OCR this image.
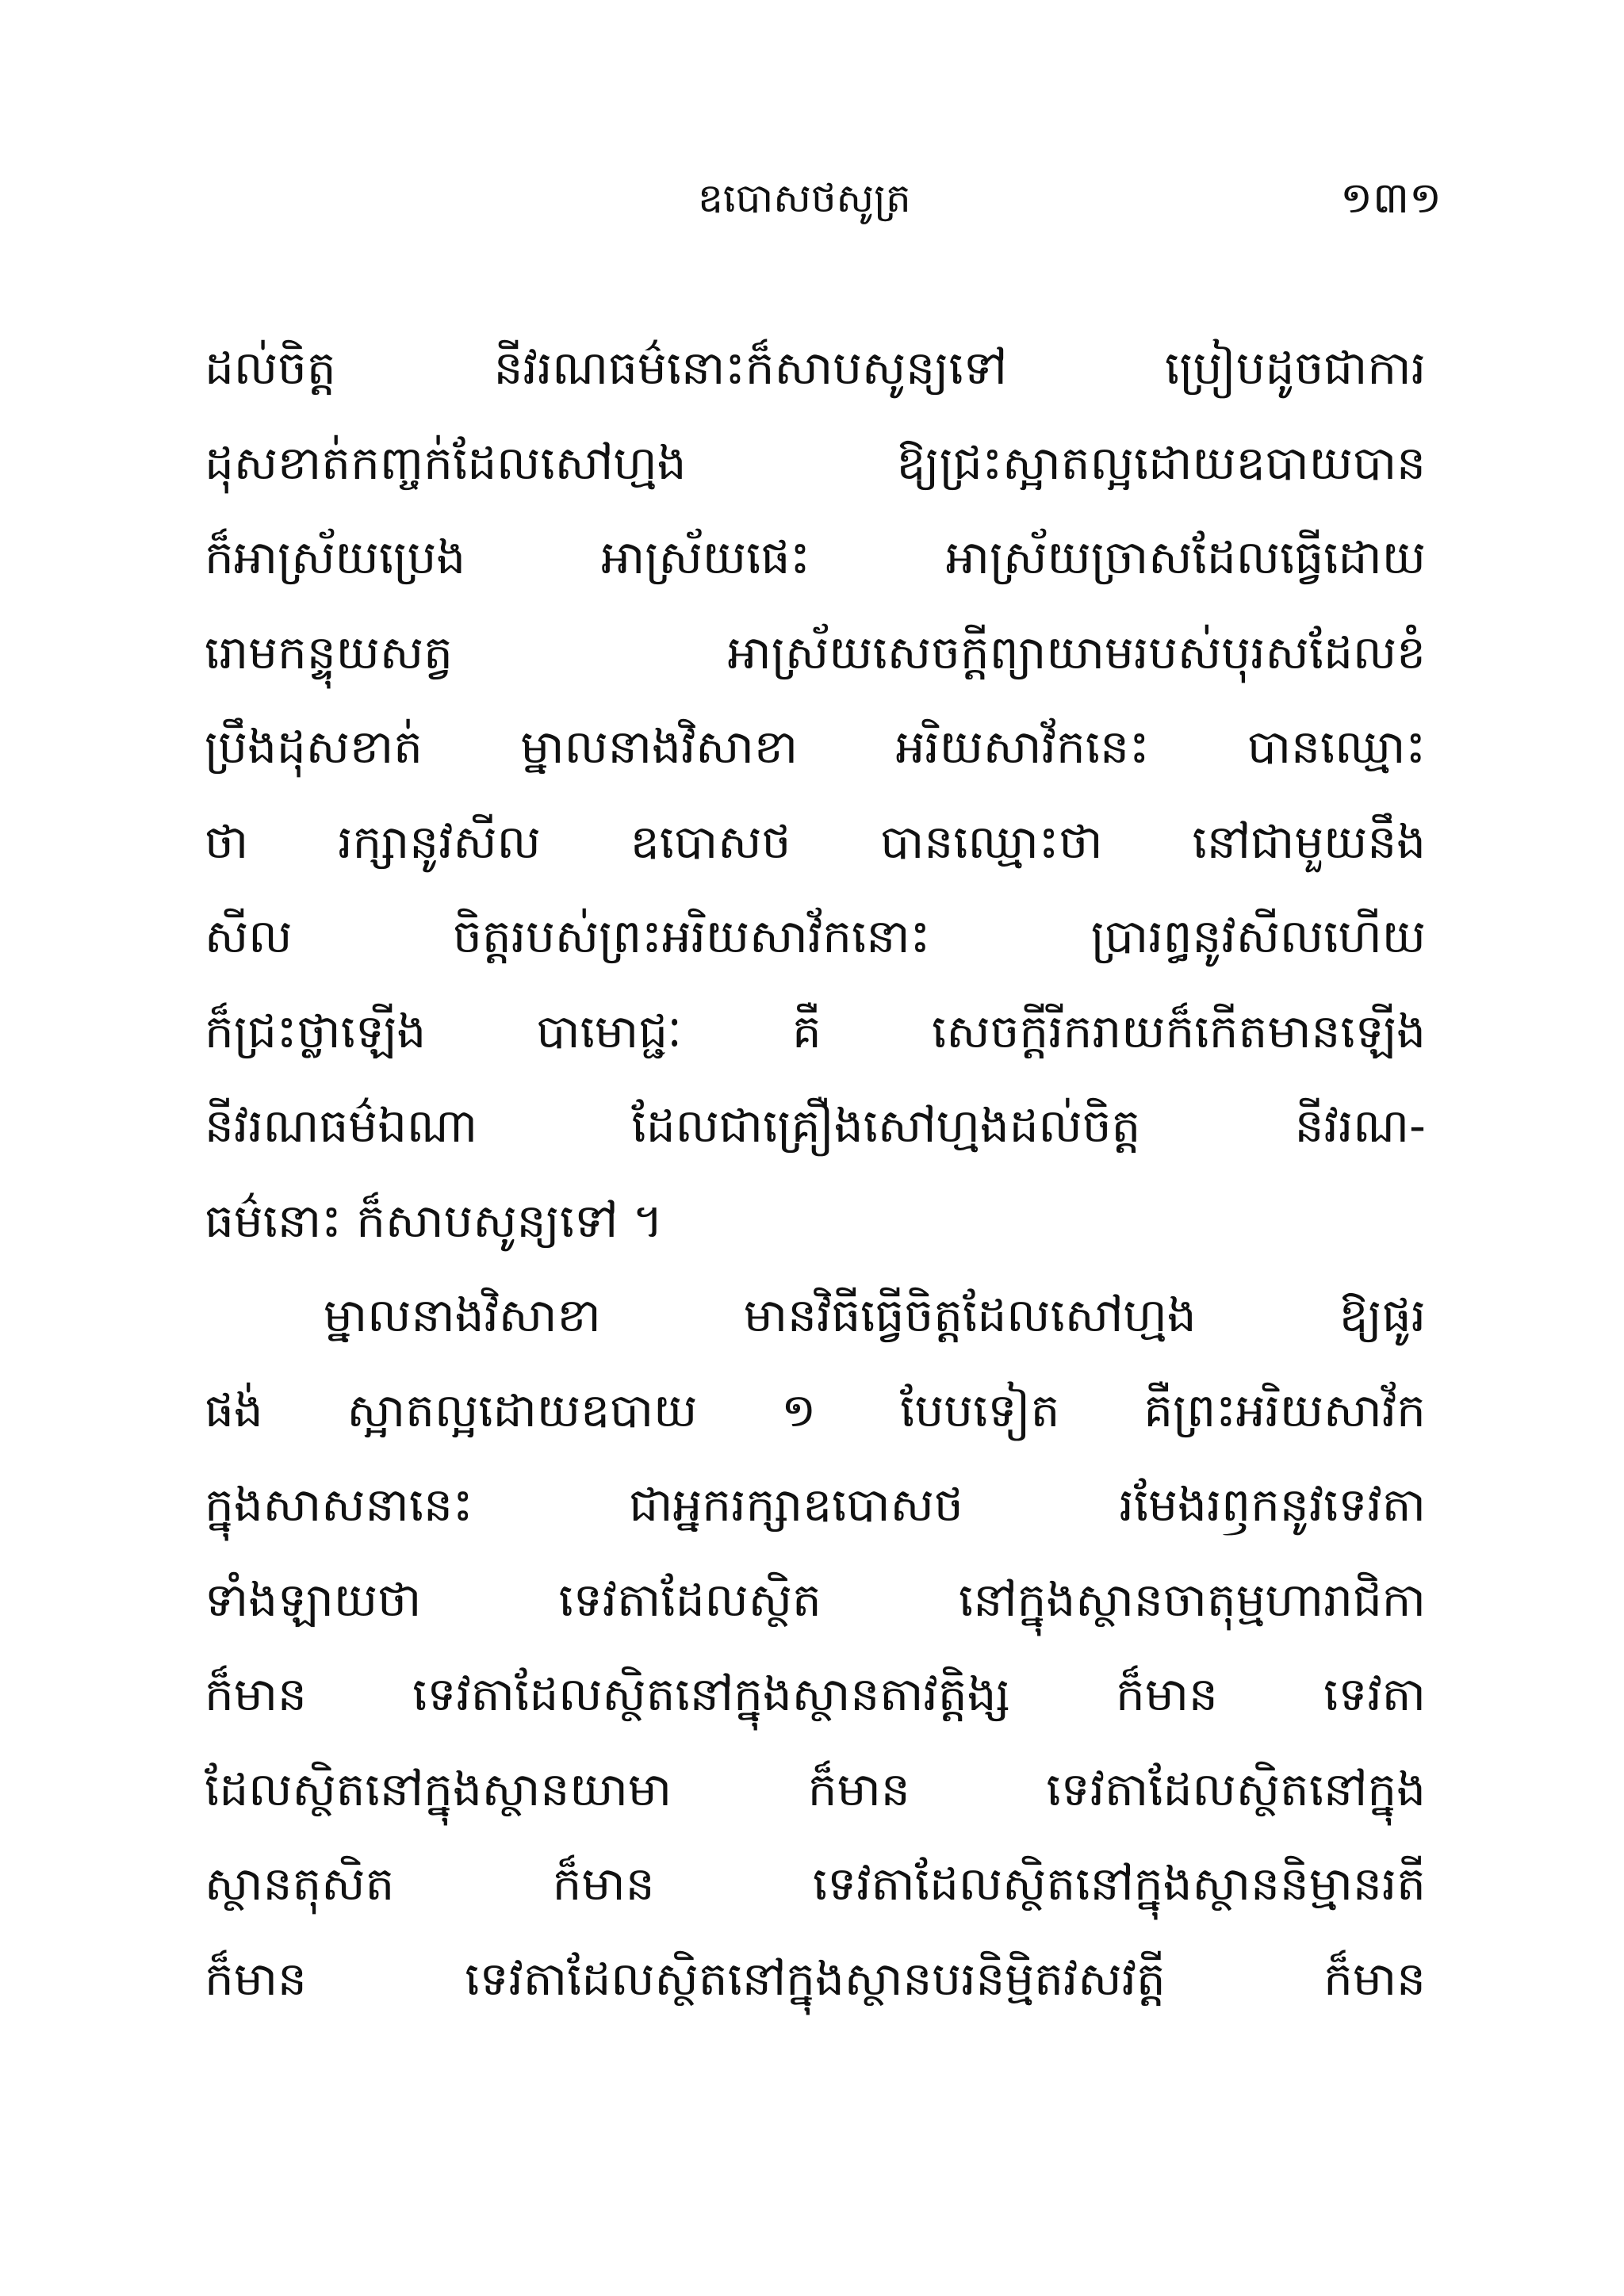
ឧបោសថសូត្រ	១៣១
ដល់ចិត្ត នីវរណធម៌នោះក៏សាបសូន្យទៅ ប្រៀបដូចជាការ
ដុសខាត់កញ្ចក់ដែលសៅហ្មង ឱ្យជ្រះស្អាតល្អដោយឧបាយបាន
ក៏អាស្រ័យប្រេង អាស្រ័យផេះ អាស្រ័យច្រាសដែលធ្វើដោយ
រោមកន្ទុយសត្វ អាស្រ័យសេចក្តីព្យាយាមរបស់បុរសដែលខំ
ប្រឹងដុសខាត់ ម្នាលនាងវិសាខា អរិយសាវ័កនេះ បានឈ្មោះ
ថា រក្សានូវសីល ឧបោសថ បានឈ្មោះថា នៅជាមួយនឹង
សីល ចិត្តរបស់ព្រះអរិយសាវ័កនោះ ប្រារព្ធនូវសីលហើយ
ក៏ជ្រះថ្លាឡើង បាមោជ្ជៈ គឺ សេចក្តីរីករាយក៏កើតមានឡើង
នីវរណធម៌ឯណា ដែលជាគ្រឿងសៅហ្មងដល់ចិត្ត នីវរណ-
ធម៌នោះ ក៏សាបសូន្យទៅ ។
ម្នាលនាងវិសាខា មានវិធីធ្វើចិត្តដែលសៅហ្មង ឱ្យផូរ
ផង់ ស្អាតល្អដោយឧបាយ ១ បែបទៀត គឺព្រះអរិយសាវ័ក
ក្នុងសាសនានេះ ជាអ្នករក្សាឧបោសថ រមែងរឭកនូវទេវតា
ទាំងឡាយថា ទេវតាដែលស្ថិត នៅក្នុងស្ថានចាតុម្មហារាជិកា
ក៏មាន ទេវតាដែលស្ថិតនៅក្នុងស្ថានតាវត្តិង្ស ក៏មាន ទេវតា
ដែលស្ថិតនៅក្នុងស្ថានយាមា ក៏មាន ទេវតាដែលស្ថិតនៅក្នុង
ស្ថានតុសិត ក៏មាន ទេវតាដែលស្ថិតនៅក្នុងស្ថាននិម្មានរតី
ក៏មាន ទេវតាដែលស្ថិតនៅក្នុងស្ថានបរនិម្មិតវសវត្តី ក៏មាន
